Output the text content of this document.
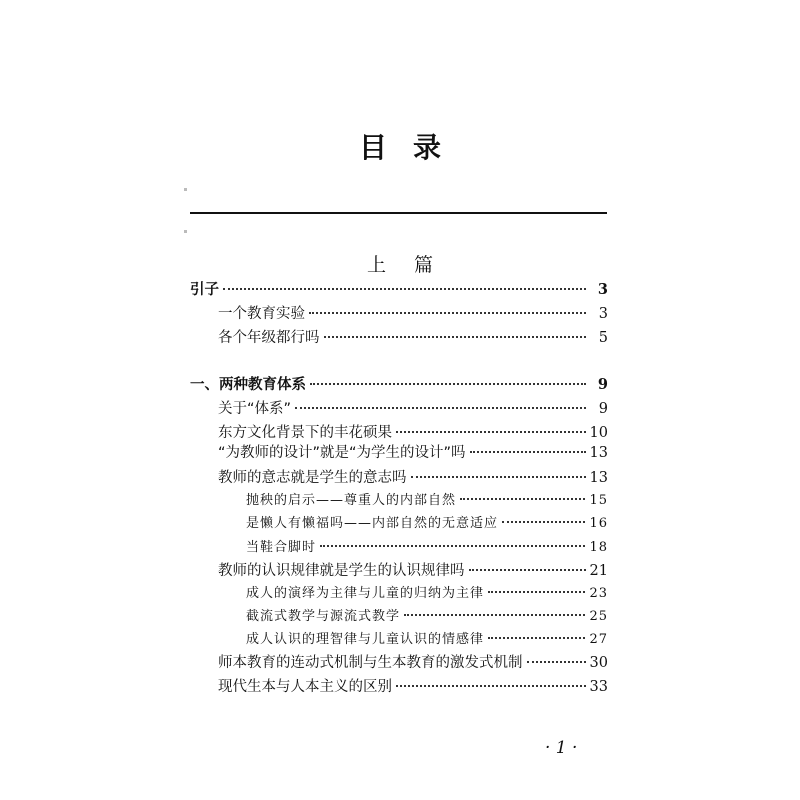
目录
上篇
引子	3
一个教育实验	3
各个年级都行吗	5
一、两种教育体系	9
关于“体系”	9
东方文化背景下的丰花硕果	10
“为教师的设计”就是“为学生的设计”吗	13
教师的意志就是学生的意志吗	13
抛秧的启示——尊重人的内部自然	15
是懒人有懒福吗——内部自然的无意适应	16
当鞋合脚时	18
教师的认识规律就是学生的认识规律吗	21
成人的演绎为主律与儿童的归纳为主律	23
截流式教学与源流式教学	25
成人认识的理智律与儿童认识的情感律	27
师本教育的连动式机制与生本教育的激发式机制	30
现代生本与人本主义的区别	33
· 1 ·
